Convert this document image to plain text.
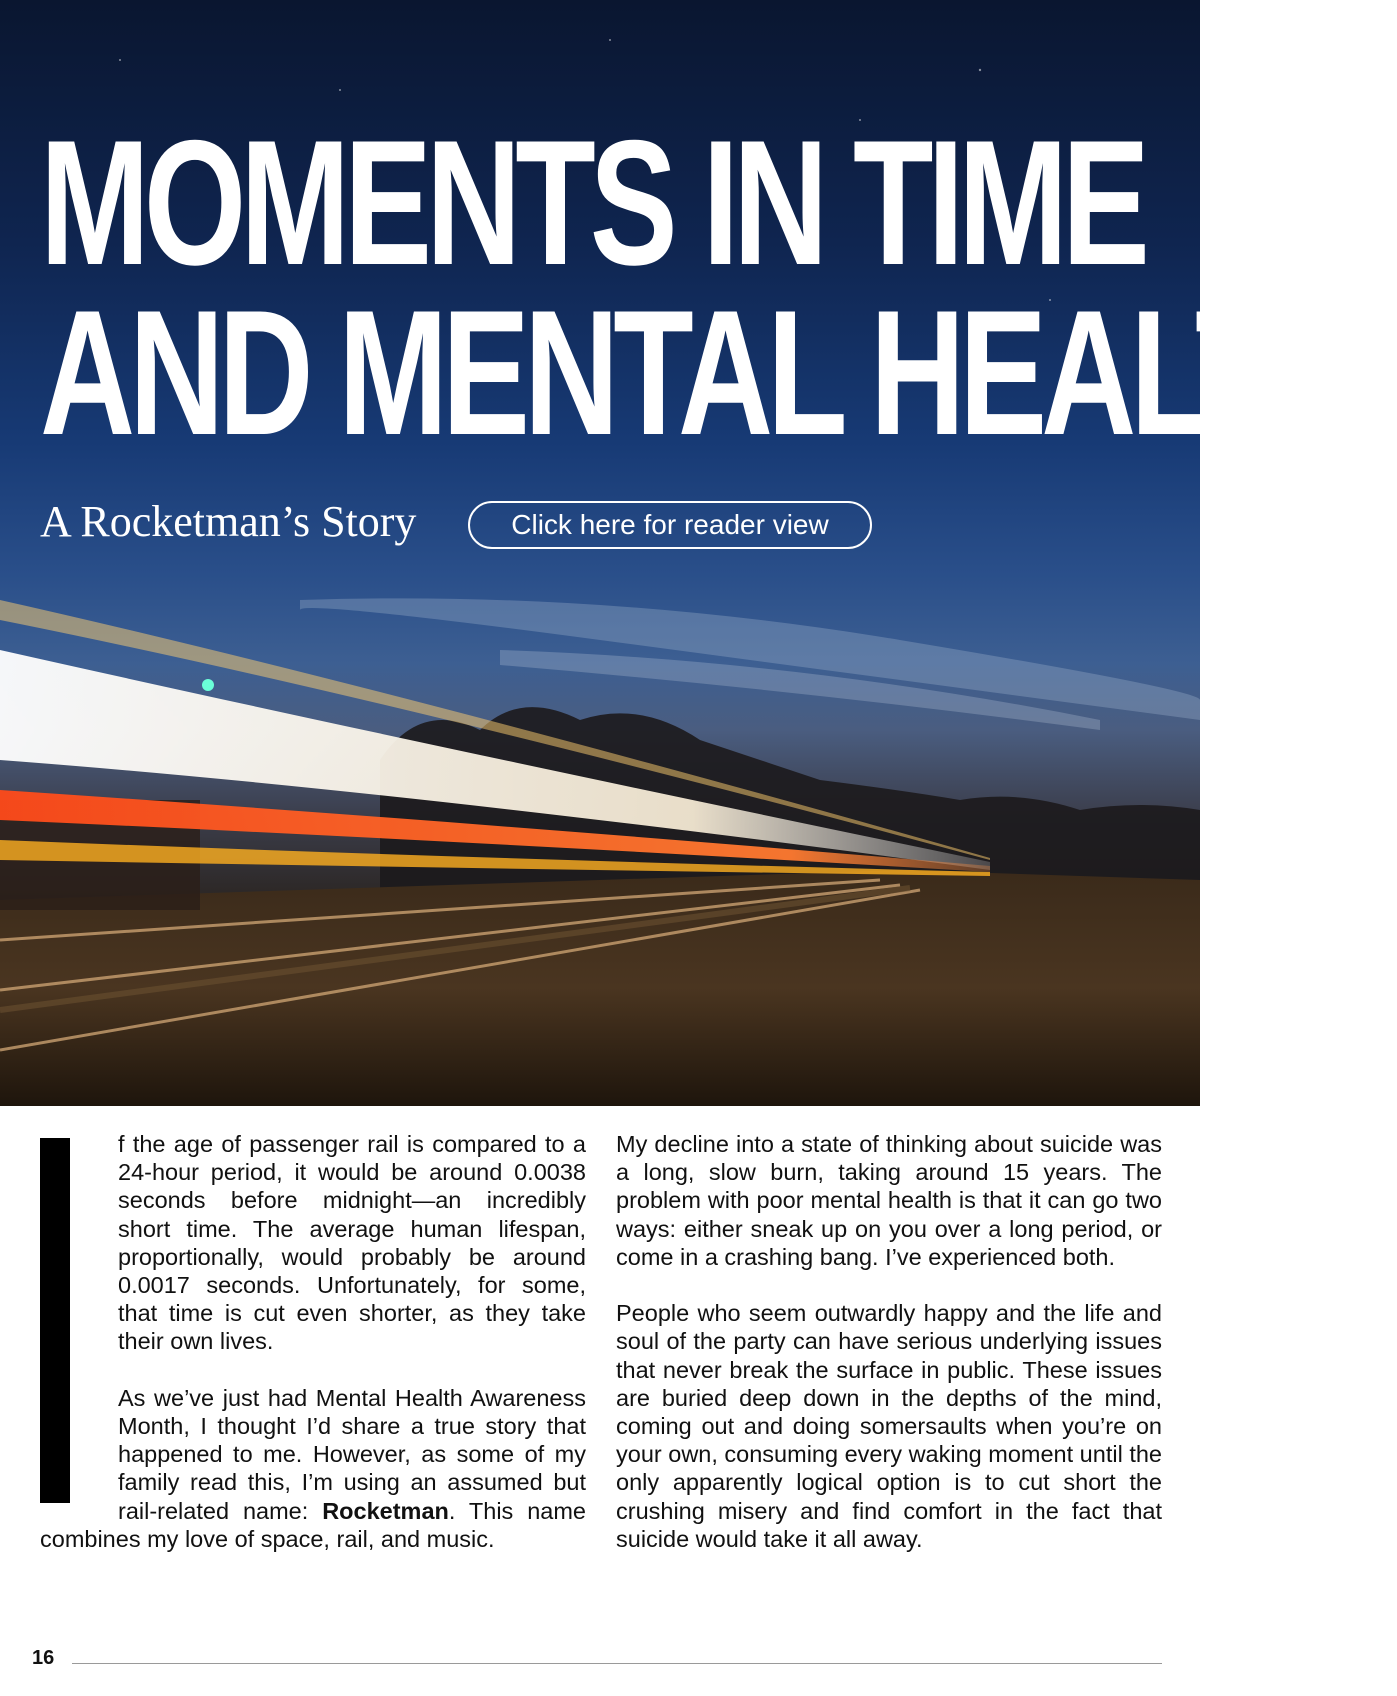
MOMENTS IN TIME
AND MENTAL HEALTH:
A Rocketman’s Story	Click here for reader view

f the age of passenger rail is compared to a 24-hour period, it would be around 0.0038 seconds before midnight—an incredibly short time. The average human lifespan, proportionally, would probably be around 0.0017 seconds. Unfortunately, for some, that time is cut even shorter, as they take their own lives.

As we’ve just had Mental Health Awareness Month, I thought I’d share a true story that happened to me. However, as some of my family read this, I’m using an assumed but rail-related name: Rocketman. This name combines my love of space, rail, and music.

My decline into a state of thinking about suicide was a long, slow burn, taking around 15 years. The problem with poor mental health is that it can go two ways: either sneak up on you over a long period, or come in a crashing bang. I’ve experienced both.

People who seem outwardly happy and the life and soul of the party can have serious underlying issues that never break the surface in public. These issues are buried deep down in the depths of the mind, coming out and doing somersaults when you’re on your own, consuming every waking moment until the only apparently logical option is to cut short the crushing misery and find comfort in the fact that suicide would take it all away.

16
